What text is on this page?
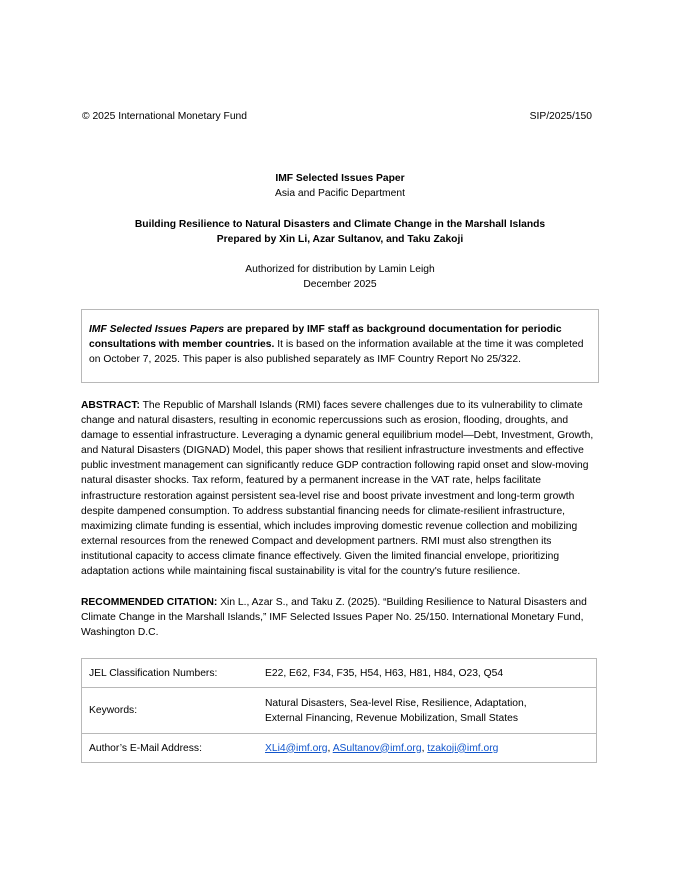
© 2025 International Monetary Fund	SIP/2025/150
IMF Selected Issues Paper
Asia and Pacific Department
Building Resilience to Natural Disasters and Climate Change in the Marshall Islands
Prepared by Xin Li, Azar Sultanov, and Taku Zakoji
Authorized for distribution by Lamin Leigh
December 2025
IMF Selected Issues Papers are prepared by IMF staff as background documentation for periodic consultations with member countries. It is based on the information available at the time it was completed on October 7, 2025. This paper is also published separately as IMF Country Report No 25/322.
ABSTRACT: The Republic of Marshall Islands (RMI) faces severe challenges due to its vulnerability to climate change and natural disasters, resulting in economic repercussions such as erosion, flooding, droughts, and damage to essential infrastructure. Leveraging a dynamic general equilibrium model—Debt, Investment, Growth, and Natural Disasters (DIGNAD) Model, this paper shows that resilient infrastructure investments and effective public investment management can significantly reduce GDP contraction following rapid onset and slow-moving natural disaster shocks. Tax reform, featured by a permanent increase in the VAT rate, helps facilitate infrastructure restoration against persistent sea-level rise and boost private investment and long-term growth despite dampened consumption. To address substantial financing needs for climate-resilient infrastructure, maximizing climate funding is essential, which includes improving domestic revenue collection and mobilizing external resources from the renewed Compact and development partners. RMI must also strengthen its institutional capacity to access climate finance effectively. Given the limited financial envelope, prioritizing adaptation actions while maintaining fiscal sustainability is vital for the country's future resilience.
RECOMMENDED CITATION: Xin L., Azar S., and Taku Z. (2025). “Building Resilience to Natural Disasters and Climate Change in the Marshall Islands,” IMF Selected Issues Paper No. 25/150. International Monetary Fund, Washington D.C.
JEL Classification Numbers:	E22, E62, F34, F35, H54, H63, H81, H84, O23, Q54
Keywords:	Natural Disasters, Sea-level Rise, Resilience, Adaptation,
External Financing, Revenue Mobilization, Small States

Author’s E-Mail Address:	XLi4@imf.org, ASultanov@imf.org, tzakoji@imf.org
